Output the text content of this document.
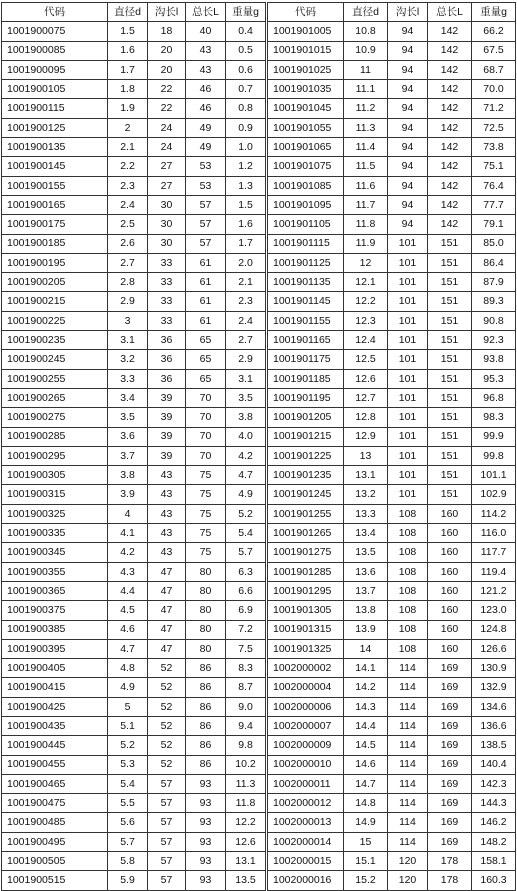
代码	直径d	沟长l	总长L	重量g
1001900075	1.5	18	40	0.4
1001900085	1.6	20	43	0.5
1001900095	1.7	20	43	0.6
1001900105	1.8	22	46	0.7
1001900115	1.9	22	46	0.8
1001900125	2	24	49	0.9
1001900135	2.1	24	49	1.0
1001900145	2.2	27	53	1.2
1001900155	2.3	27	53	1.3
1001900165	2.4	30	57	1.5
1001900175	2.5	30	57	1.6
1001900185	2.6	30	57	1.7
1001900195	2.7	33	61	2.0
1001900205	2.8	33	61	2.1
1001900215	2.9	33	61	2.3
1001900225	3	33	61	2.4
1001900235	3.1	36	65	2.7
1001900245	3.2	36	65	2.9
1001900255	3.3	36	65	3.1
1001900265	3.4	39	70	3.5
1001900275	3.5	39	70	3.8
1001900285	3.6	39	70	4.0
1001900295	3.7	39	70	4.2
1001900305	3.8	43	75	4.7
1001900315	3.9	43	75	4.9
1001900325	4	43	75	5.2
1001900335	4.1	43	75	5.4
1001900345	4.2	43	75	5.7
1001900355	4.3	47	80	6.3
1001900365	4.4	47	80	6.6
1001900375	4.5	47	80	6.9
1001900385	4.6	47	80	7.2
1001900395	4.7	47	80	7.5
1001900405	4.8	52	86	8.3
1001900415	4.9	52	86	8.7
1001900425	5	52	86	9.0
1001900435	5.1	52	86	9.4
1001900445	5.2	52	86	9.8
1001900455	5.3	52	86	10.2
1001900465	5.4	57	93	11.3
1001900475	5.5	57	93	11.8
1001900485	5.6	57	93	12.2
1001900495	5.7	57	93	12.6
1001900505	5.8	57	93	13.1
1001900515	5.9	57	93	13.5
代码	直径d	沟长l	总长L	重量g
1001901005	10.8	94	142	66.2
1001901015	10.9	94	142	67.5
1001901025	11	94	142	68.7
1001901035	11.1	94	142	70.0
1001901045	11.2	94	142	71.2
1001901055	11.3	94	142	72.5
1001901065	11.4	94	142	73.8
1001901075	11.5	94	142	75.1
1001901085	11.6	94	142	76.4
1001901095	11.7	94	142	77.7
1001901105	11.8	94	142	79.1
1001901115	11.9	101	151	85.0
1001901125	12	101	151	86.4
1001901135	12.1	101	151	87.9
1001901145	12.2	101	151	89.3
1001901155	12.3	101	151	90.8
1001901165	12.4	101	151	92.3
1001901175	12.5	101	151	93.8
1001901185	12.6	101	151	95.3
1001901195	12.7	101	151	96.8
1001901205	12.8	101	151	98.3
1001901215	12.9	101	151	99.9
1001901225	13	101	151	99.8
1001901235	13.1	101	151	101.1
1001901245	13.2	101	151	102.9
1001901255	13.3	108	160	114.2
1001901265	13.4	108	160	116.0
1001901275	13.5	108	160	117.7
1001901285	13.6	108	160	119.4
1001901295	13.7	108	160	121.2
1001901305	13.8	108	160	123.0
1001901315	13.9	108	160	124.8
1001901325	14	108	160	126.6
1002000002	14.1	114	169	130.9
1002000004	14.2	114	169	132.9
1002000006	14.3	114	169	134.6
1002000007	14.4	114	169	136.6
1002000009	14.5	114	169	138.5
1002000010	14.6	114	169	140.4
1002000011	14.7	114	169	142.3
1002000012	14.8	114	169	144.3
1002000013	14.9	114	169	146.2
1002000014	15	114	169	148.2
1002000015	15.1	120	178	158.1
1002000016	15.2	120	178	160.3
